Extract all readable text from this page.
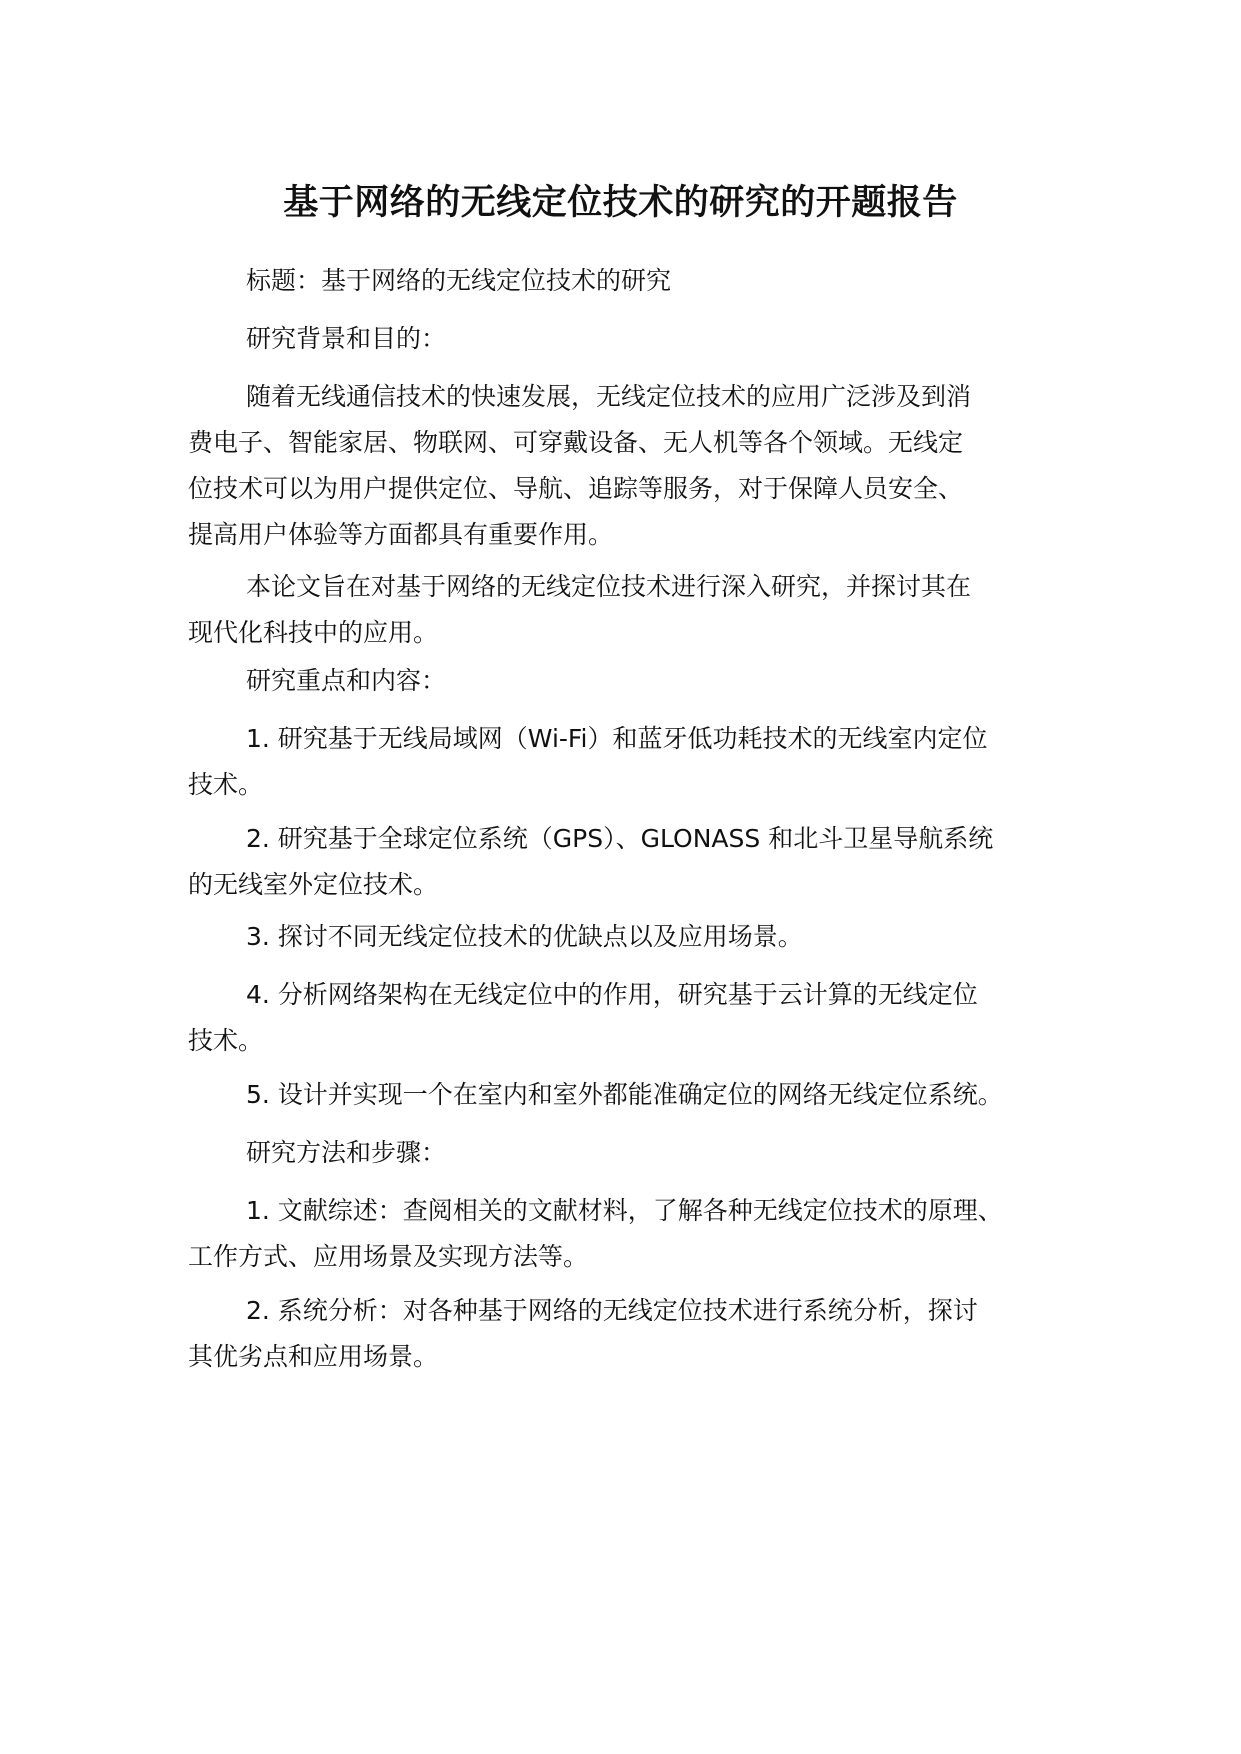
基于网络的无线定位技术的研究的开题报告

标题：基于网络的无线定位技术的研究

研究背景和目的：

随着无线通信技术的快速发展，无线定位技术的应用广泛涉及到消
费电子、智能家居、物联网、可穿戴设备、无人机等各个领域。无线定
位技术可以为用户提供定位、导航、追踪等服务，对于保障人员安全、
提高用户体验等方面都具有重要作用。

本论文旨在对基于网络的无线定位技术进行深入研究，并探讨其在
现代化科技中的应用。

研究重点和内容：

1. 研究基于无线局域网（Wi-Fi）和蓝牙低功耗技术的无线室内定位
技术。

2. 研究基于全球定位系统（GPS）、GLONASS 和北斗卫星导航系统
的无线室外定位技术。

3. 探讨不同无线定位技术的优缺点以及应用场景。

4. 分析网络架构在无线定位中的作用，研究基于云计算的无线定位
技术。

5. 设计并实现一个在室内和室外都能准确定位的网络无线定位系统。

研究方法和步骤：

1. 文献综述：查阅相关的文献材料，了解各种无线定位技术的原理、
工作方式、应用场景及实现方法等。

2. 系统分析：对各种基于网络的无线定位技术进行系统分析，探讨
其优劣点和应用场景。
